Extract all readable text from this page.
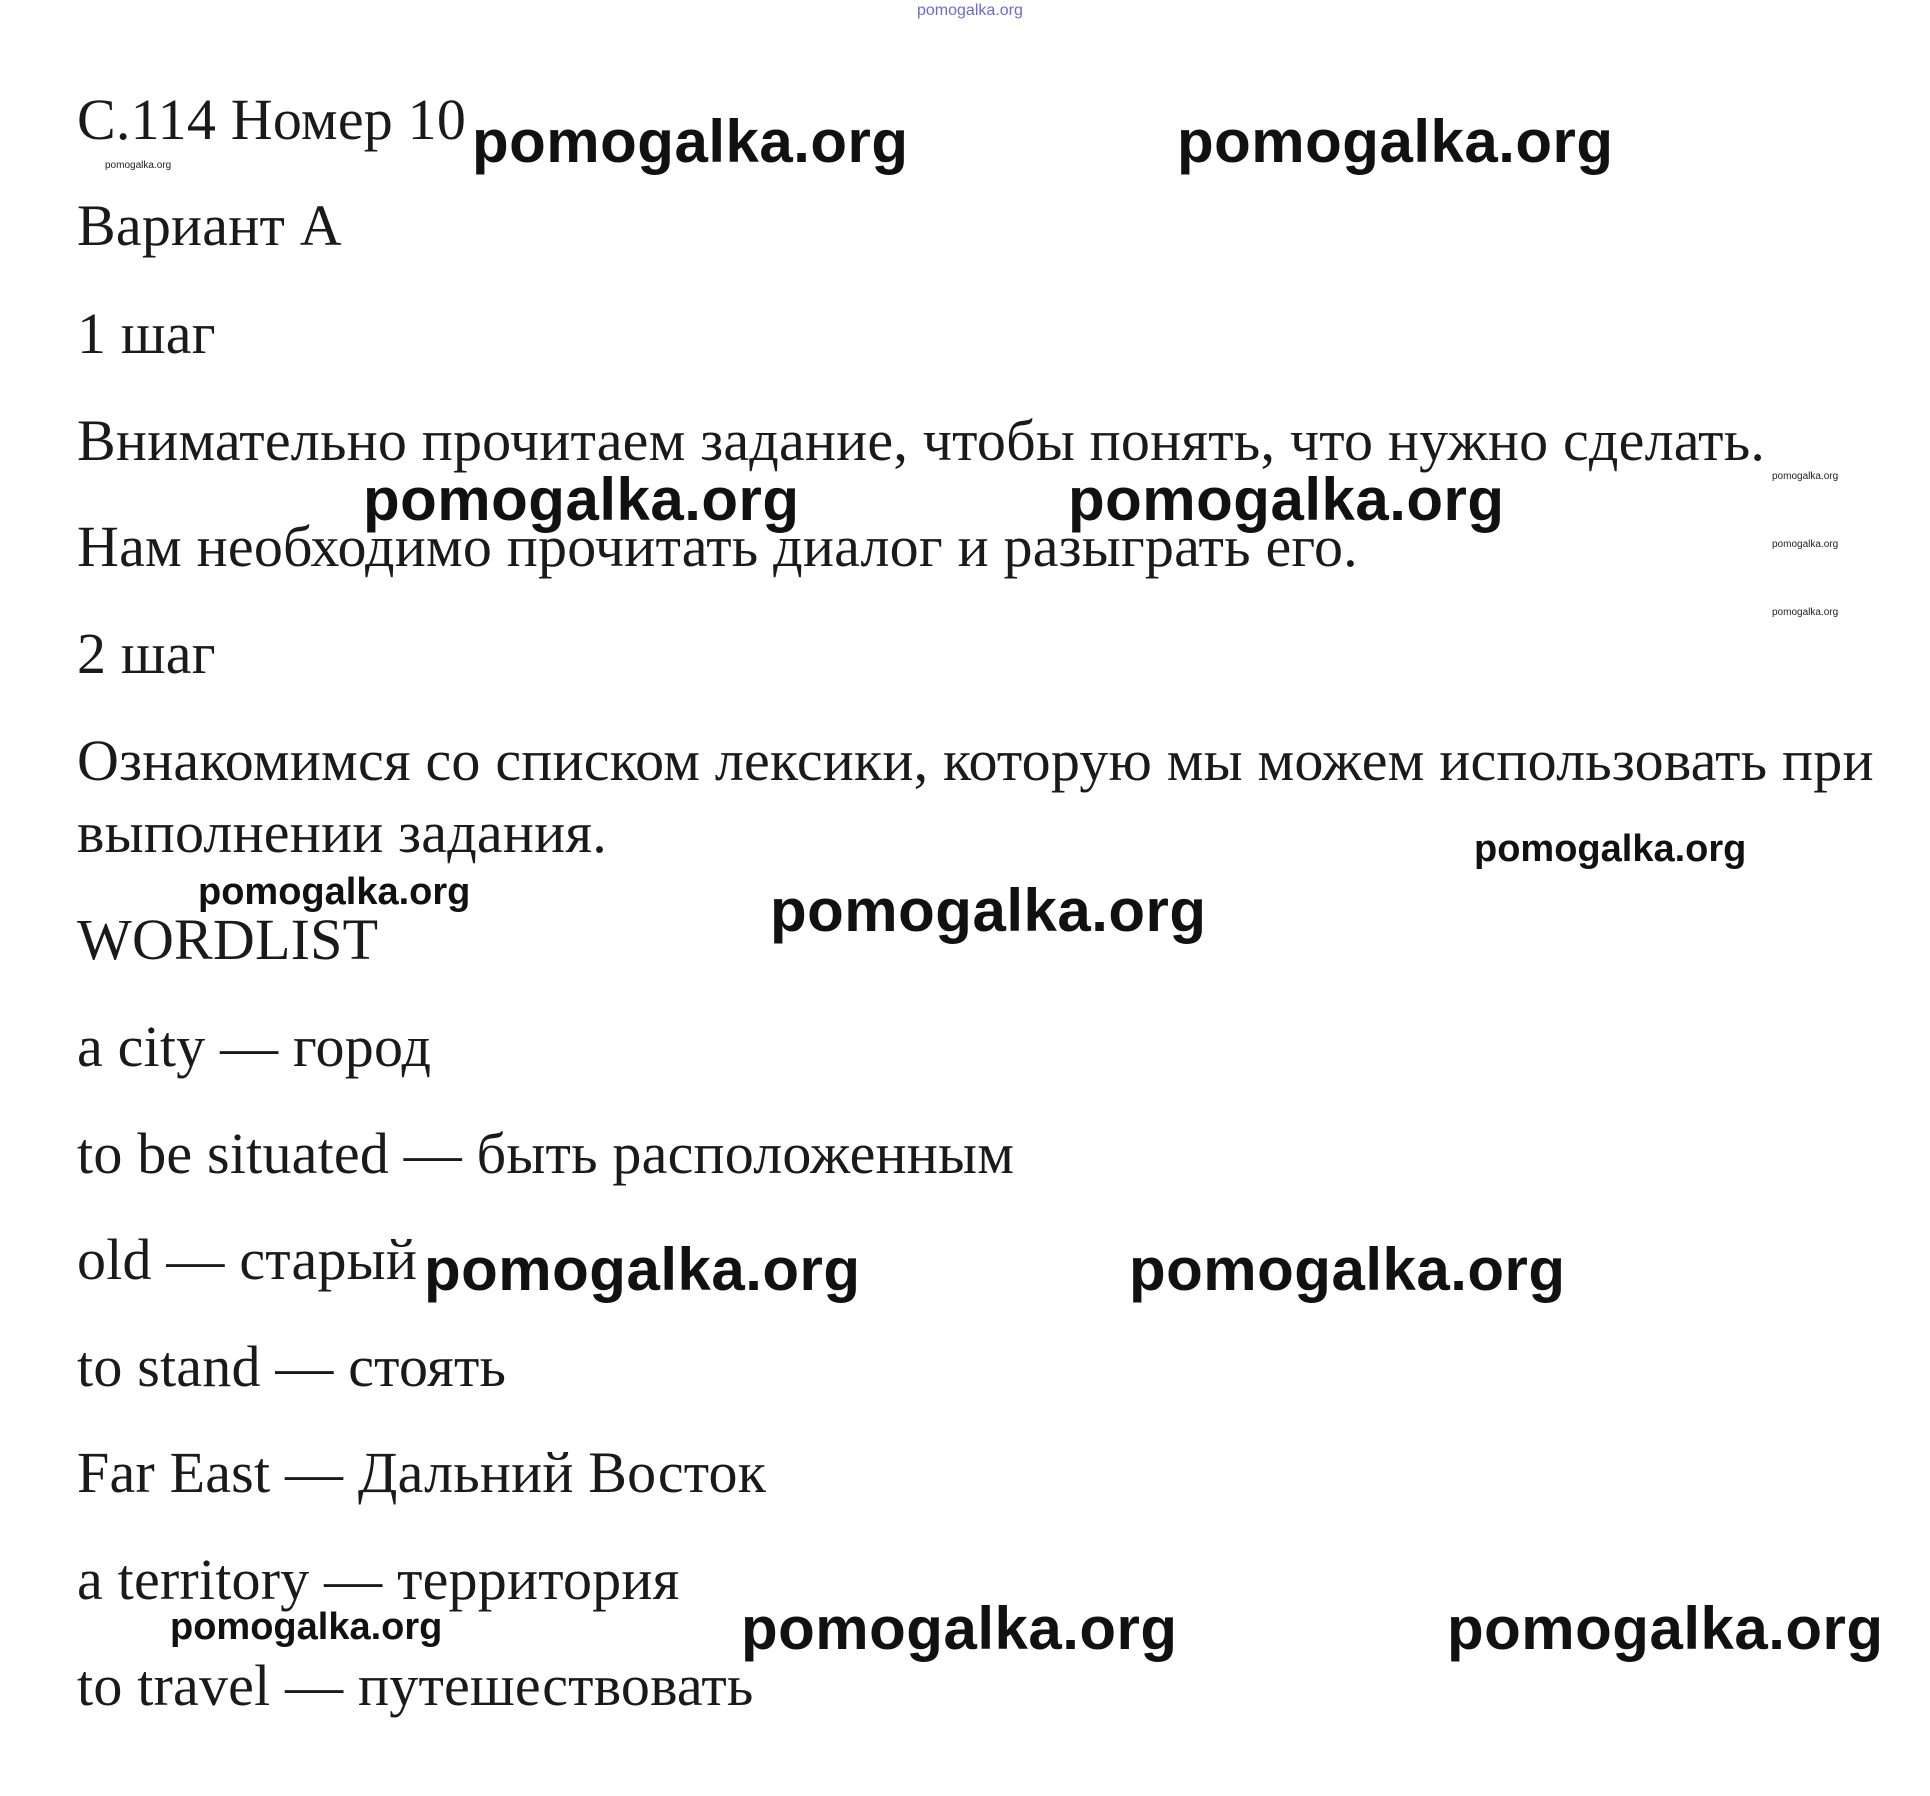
pomogalka.org
С.114 Номер 10
pomogalka.org
Вариант А
1 шаг
Внимательно прочитаем задание, чтобы понять, что нужно сделать.
Нам необходимо прочитать диалог и разыграть его.
2 шаг
Ознакомимся со списком лексики, которую мы можем использовать при
выполнении задания.
WORDLIST
a city — город
to be situated — быть расположенным
old — старый
to stand — стоять
Far East — Дальний Восток
a territory — территория
to travel — путешествовать
pomogalka.org	pomogalka.org
pomogalka.org	pomogalka.org
pomogalka.org
pomogalka.org	pomogalka.org
pomogalka.org	pomogalka.org
pomogalka.org
pomogalka.org
pomogalka.org
pomogalka.org
pomogalka.org
pomogalka.org
